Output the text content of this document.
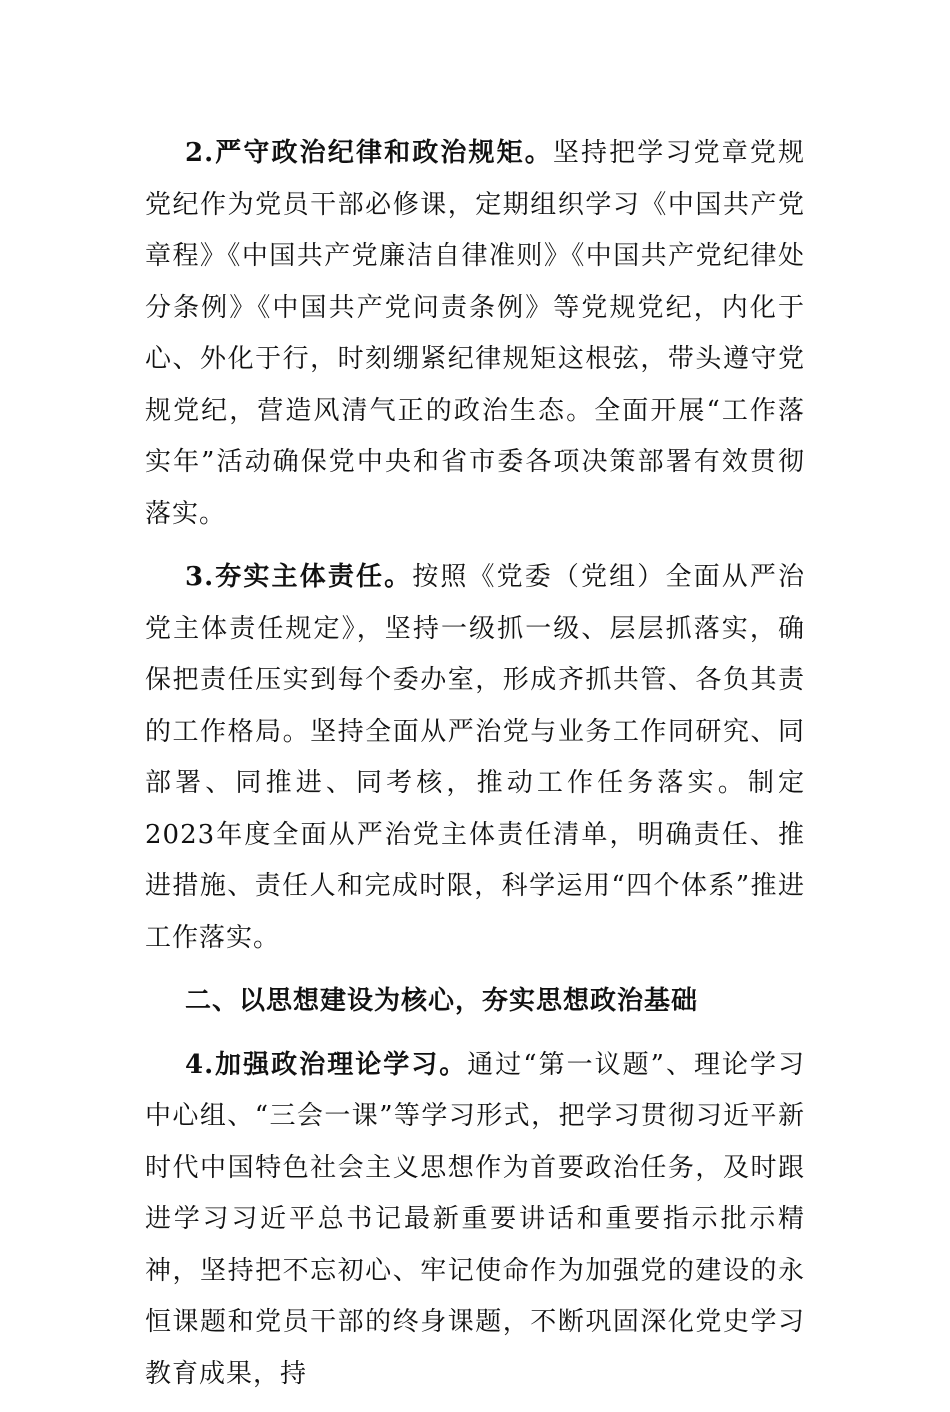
2.严守政治纪律和政治规矩。坚持把学习党章党规党纪作为党员干部必修课，定期组织学习《中国共产党章程》《中国共产党廉洁自律准则》《中国共产党纪律处分条例》《中国共产党问责条例》等党规党纪，内化于心、外化于行，时刻绷紧纪律规矩这根弦，带头遵守党规党纪，营造风清气正的政治生态。全面开展“工作落实年”活动确保党中央和省市委各项决策部署有效贯彻落实。

3.夯实主体责任。按照《党委（党组）全面从严治党主体责任规定》，坚持一级抓一级、层层抓落实，确保把责任压实到每个委办室，形成齐抓共管、各负其责的工作格局。坚持全面从严治党与业务工作同研究、同部署、同推进、同考核，推动工作任务落实。制定2023年度全面从严治党主体责任清单，明确责任、推进措施、责任人和完成时限，科学运用“四个体系”推进工作落实。

二、以思想建设为核心，夯实思想政治基础

4.加强政治理论学习。通过“第一议题”、理论学习中心组、“三会一课”等学习形式，把学习贯彻习近平新时代中国特色社会主义思想作为首要政治任务，及时跟进学习习近平总书记最新重要讲话和重要指示批示精神，坚持把不忘初心、牢记使命作为加强党的建设的永恒课题和党员干部的终身课题，不断巩固深化党史学习教育成果，持
